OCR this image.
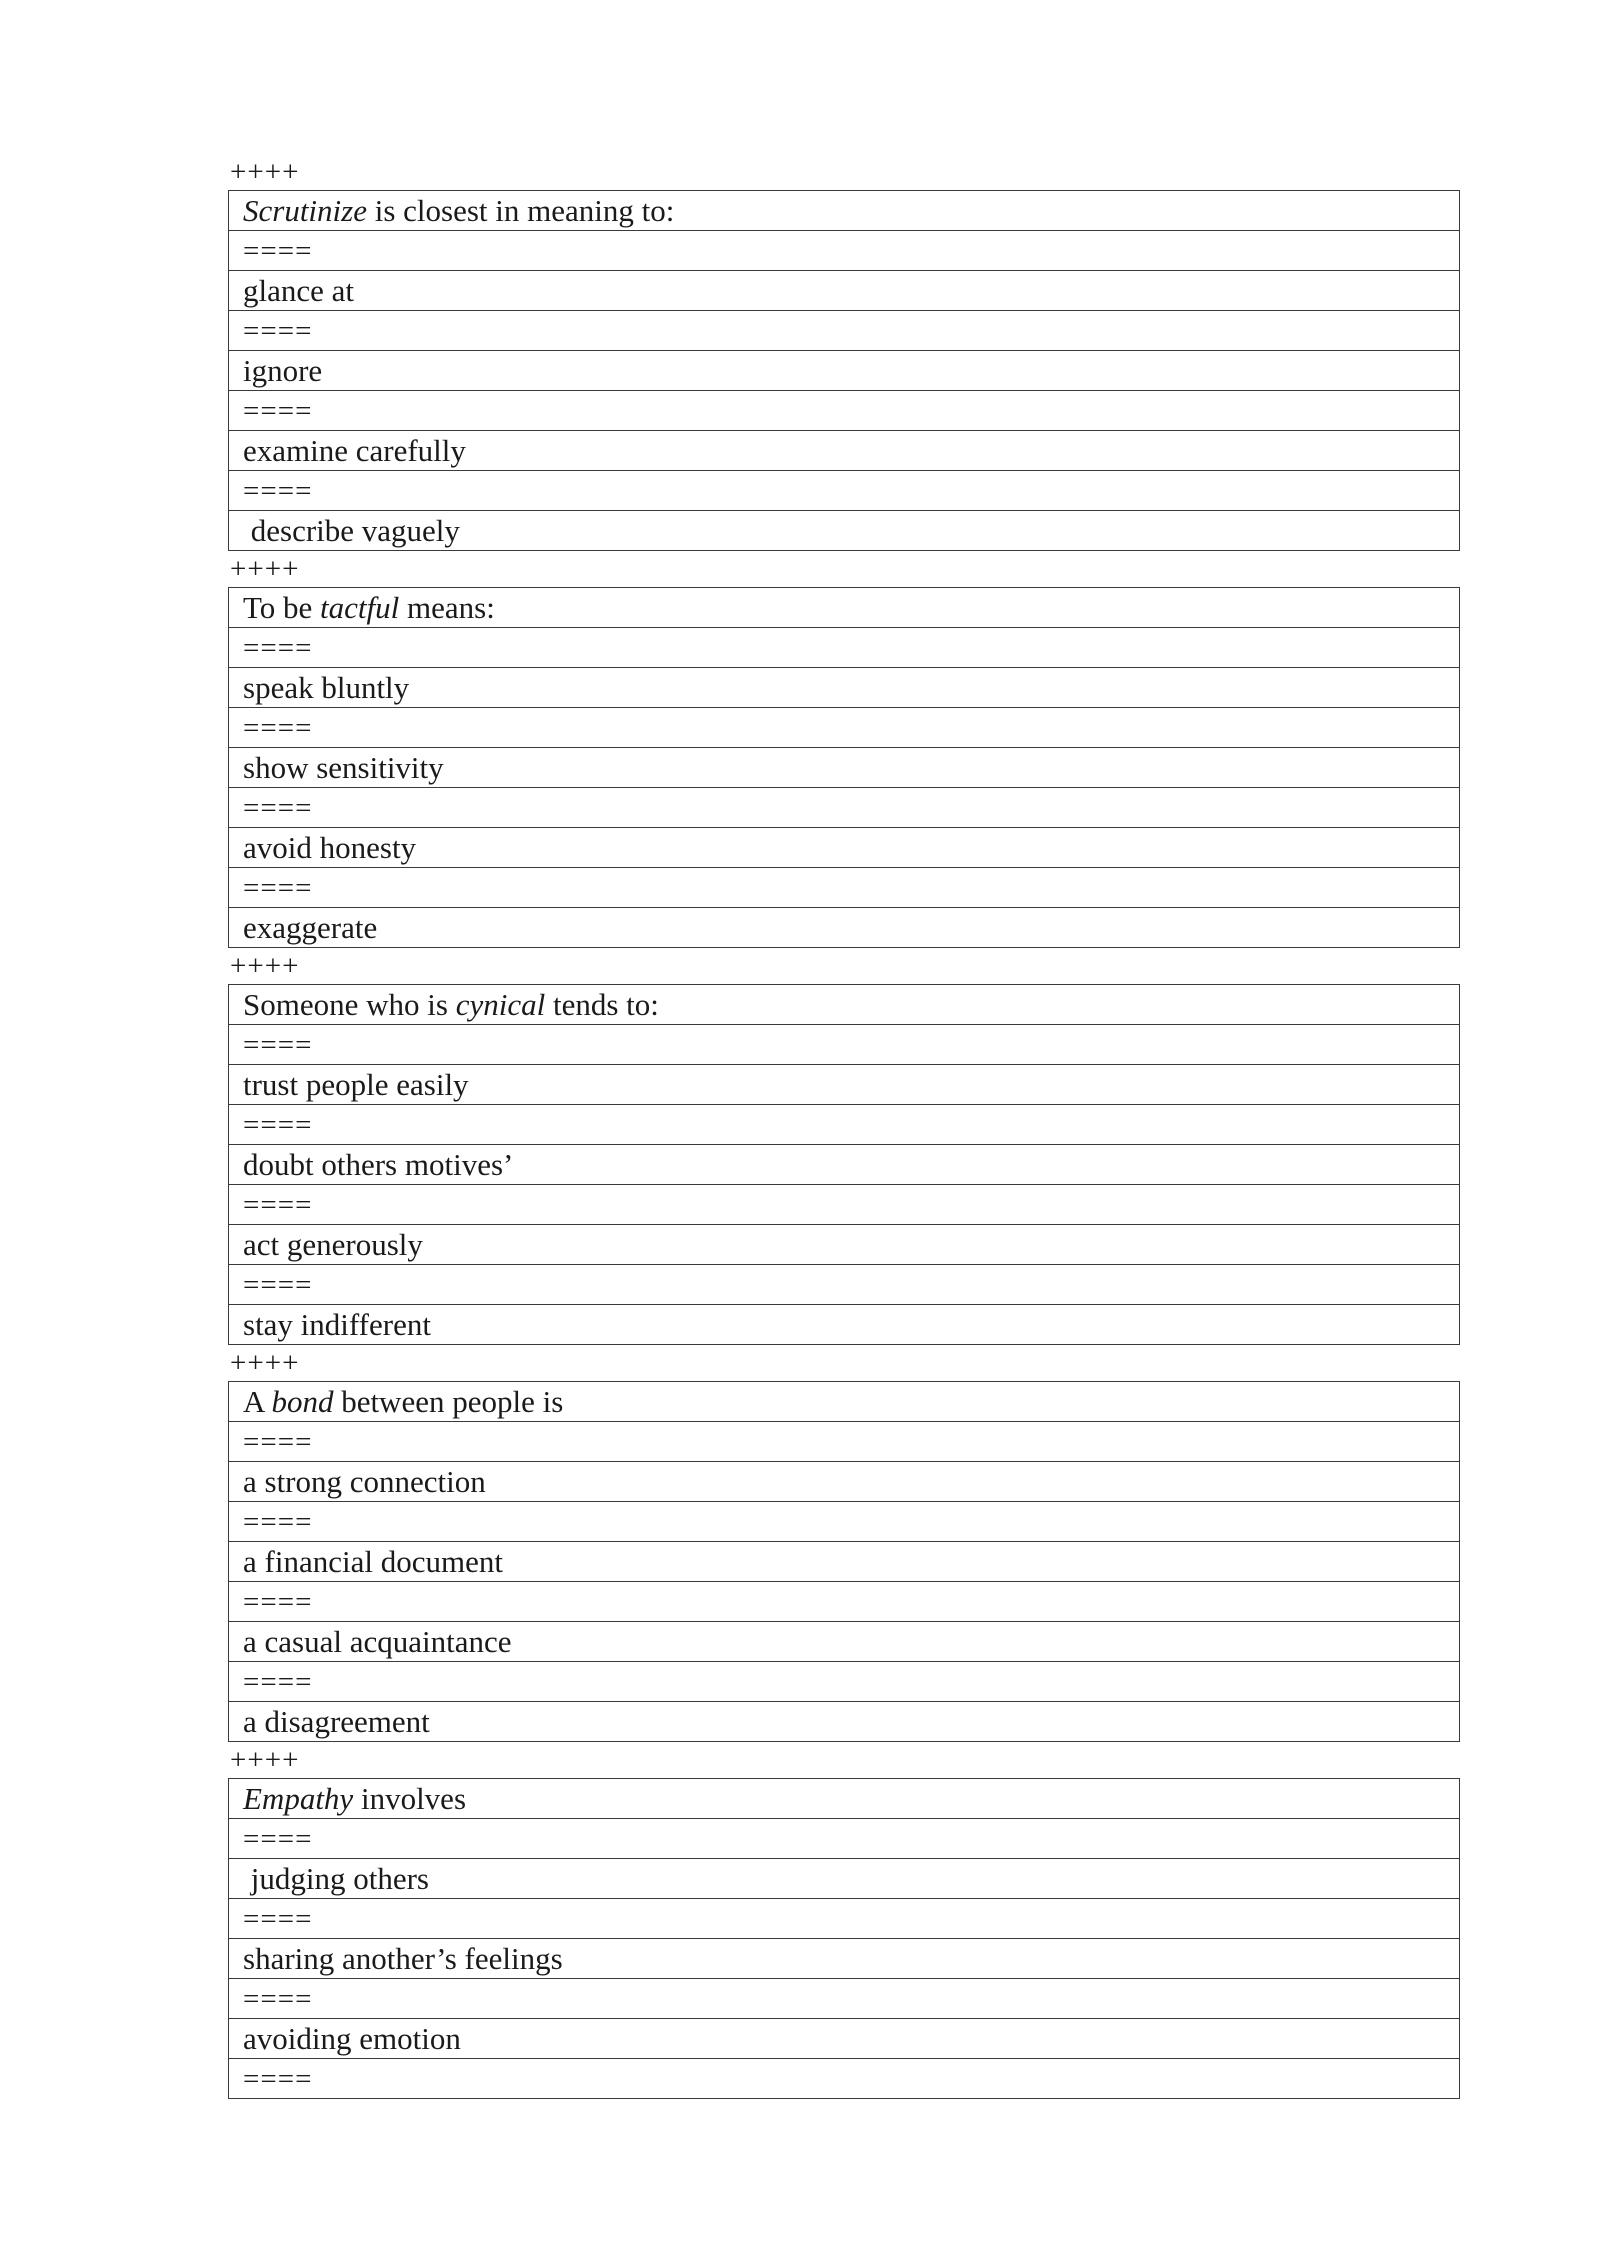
++++
Scrutinize is closest in meaning to:
====
glance at
====
ignore
====
examine carefully
====
describe vaguely
++++
To be tactful means:
====
speak bluntly
====
show sensitivity
====
avoid honesty
====
exaggerate
++++
Someone who is cynical tends to:
====
trust people easily
====
doubt others motives’
====
act generously
====
stay indifferent
++++
A bond between people is
====
a strong connection
====
a financial document
====
a casual acquaintance
====
a disagreement
++++
Empathy involves
====
judging others
====
sharing another’s feelings
====
avoiding emotion
====
